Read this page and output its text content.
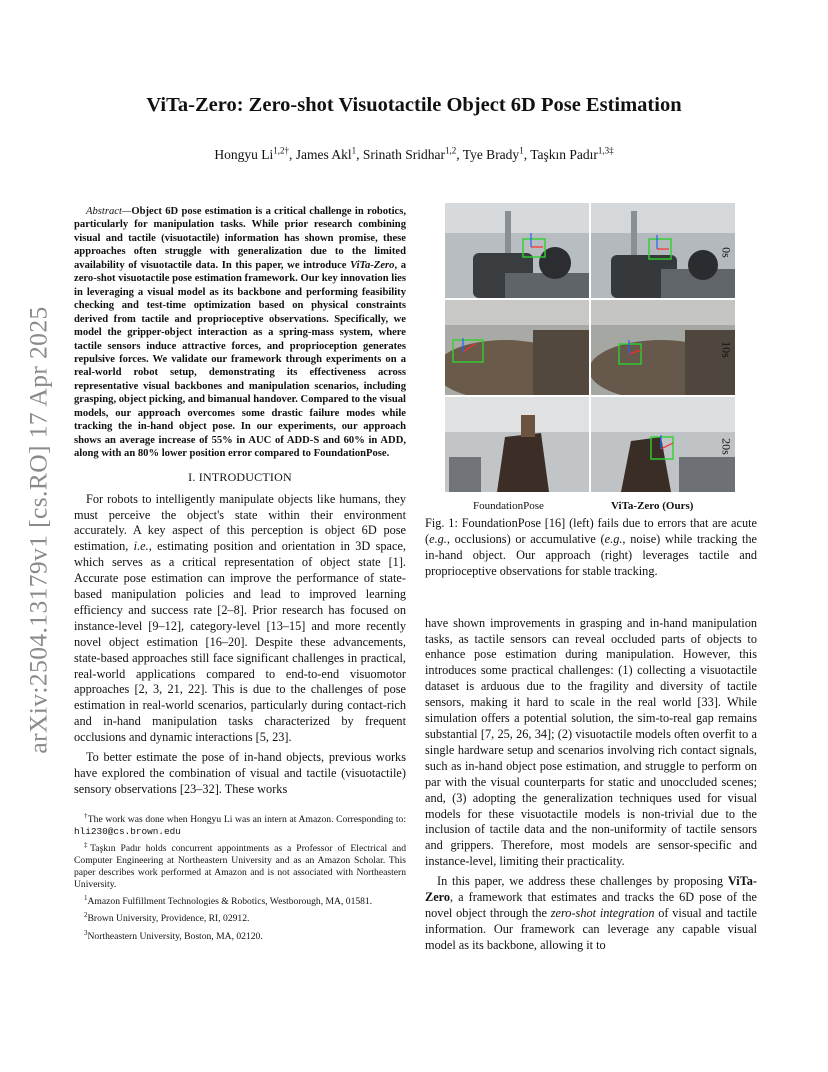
arXiv:2504.13179v1 [cs.RO] 17 Apr 2025
ViTa-Zero: Zero-shot Visuotactile Object 6D Pose Estimation
Hongyu $Li^{1,2\dagger}$, James Akl$^1$, Srinath Sridhar$^{1,2}$, Tye Brady$^1$, Taşkın Padır$^{1,3\ddagger}$

Abstract—Object 6D pose estimation is a critical challenge in robotics, particularly for manipulation tasks. While prior research combining visual and tactile (visuotactile) information has shown promise, these approaches often struggle with generalization due to the limited availability of visuotactile data. In this paper, we introduce ViTa-Zero, a zero-shot visuotactile pose estimation framework. Our key innovation lies in leveraging a visual model as its backbone and performing feasibility checking and test-time optimization based on physical constraints derived from tactile and proprioceptive observations. Specifically, we model the gripper-object interaction as a spring-mass system, where tactile sensors induce attractive forces, and proprioception generates repulsive forces. We validate our framework through experiments on a real-world robot setup, demonstrating its effectiveness across representative visual backbones and manipulation scenarios, including grasping, object picking, and bimanual handover. Compared to the visual models, our approach overcomes some drastic failure modes while tracking the in-hand object pose. In our experiments, our approach shows an average increase of 55% in AUC of ADD-S and 60% in ADD, along with an 80% lower position error compared to FoundationPose.

I. INTRODUCTION

For robots to intelligently manipulate objects like humans, they must perceive the object's state within their environment accurately. A key aspect of this perception is object 6D pose estimation, i.e., estimating position and orientation in 3D space, which serves as a critical representation of object state [1]. Accurate pose estimation can improve the performance of state-based manipulation policies and lead to improved learning efficiency and success rate [2–8]. Prior research has focused on instance-level [9–12], category-level [13–15] and more recently novel object estimation [16–20]. Despite these advancements, state-based approaches still face significant challenges in practical, real-world applications compared to end-to-end visuomotor approaches [2, 3, 21, 22]. This is due to the challenges of pose estimation in real-world scenarios, particularly during contact-rich and in-hand manipulation tasks characterized by frequent occlusions and dynamic interactions [5, 23].

To better estimate the pose of in-hand objects, previous works have explored the combination of visual and tactile (visuotactile) sensory observations [23–32]. These works

†The work was done when Hongyu Li was an intern at Amazon. Corresponding to: hli230@cs.brown.edu

‡Taşkın Padır holds concurrent appointments as a Professor of Electrical and Computer Engineering at Northeastern University and as an Amazon Scholar. This paper describes work performed at Amazon and is not associated with Northeastern University.

$^1$Amazon Fulfillment Technologies & Robotics, Westborough, MA, 01581.

$^2$Brown University, Providence, RI, 02912.

$^3$Northeastern University, Boston, MA, 02120.

0s
10s
20s
FoundationPose	ViTa-Zero (Ours)

Fig. 1: FoundationPose [16] (left) fails due to errors that are acute (e.g., occlusions) or accumulative (e.g., noise) while tracking the in-hand object. Our approach (right) leverages tactile and proprioceptive observations for stable tracking.

have shown improvements in grasping and in-hand manipulation tasks, as tactile sensors can reveal occluded parts of objects to enhance pose estimation during manipulation. However, this introduces some practical challenges: (1) collecting a visuotactile dataset is arduous due to the fragility and diversity of tactile sensors, making it hard to scale in the real world [33]. While simulation offers a potential solution, the sim-to-real gap remains substantial [7, 25, 26, 34]; (2) visuotactile models often overfit to a single hardware setup and scenarios involving rich contact signals, such as in-hand object pose estimation, and struggle to perform on par with the visual counterparts for static and unoccluded scenes; and, (3) adopting the generalization techniques used for visual models for these visuotactile models is non-trivial due to the inclusion of tactile data and the non-uniformity of tactile sensors and grippers. Therefore, most models are sensor-specific and instance-level, limiting their practicality.

In this paper, we address these challenges by proposing ViTa-Zero, a framework that estimates and tracks the 6D pose of the novel object through the zero-shot integration of visual and tactile information. Our framework can leverage any capable visual model as its backbone, allowing it to
